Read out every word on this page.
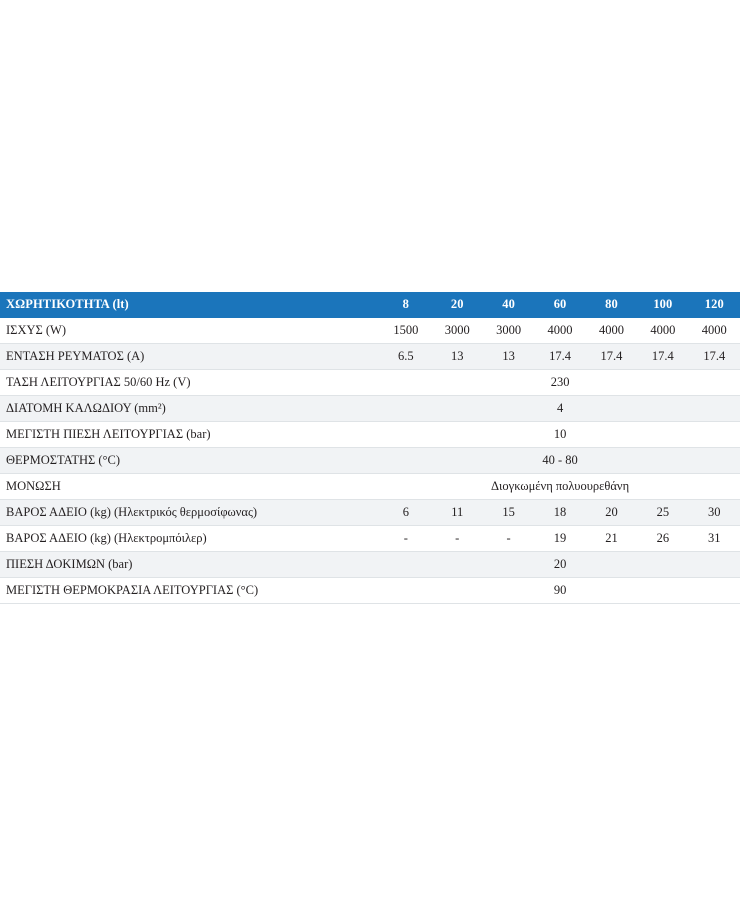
ΧΩΡΗΤΙΚΟΤΗΤΑ (lt)	8	20	40	60	80	100	120
ΙΣΧΥΣ (W)	1500	3000	3000	4000	4000	4000	4000
ΕΝΤΑΣΗ ΡΕΥΜΑΤΟΣ (A)	6.5	13	13	17.4	17.4	17.4	17.4
ΤΑΣΗ ΛΕΙΤΟΥΡΓΙΑΣ 50/60 Hz (V)	230						
ΔΙΑΤΟΜΗ ΚΑΛΩΔΙΟΥ (mm²)	4						
ΜΕΓΙΣΤΗ ΠΙΕΣΗ ΛΕΙΤΟΥΡΓΙΑΣ (bar)	10						
ΘΕΡΜΟΣΤΑΤΗΣ (°C)	40 - 80						
ΜΟΝΩΣΗ	Διογκωμένη πολυουρεθάνη						
ΒΑΡΟΣ ΑΔΕΙΟ (kg) (Ηλεκτρικός θερμοσίφωνας)	6	11	15	18	20	25	30
ΒΑΡΟΣ ΑΔΕΙΟ (kg) (Ηλεκτρομπόιλερ)	-	-	-	19	21	26	31
ΠΙΕΣΗ ΔΟΚΙΜΩΝ (bar)	20						
ΜΕΓΙΣΤΗ ΘΕΡΜΟΚΡΑΣΙΑ ΛΕΙΤΟΥΡΓΙΑΣ (°C)	90						
